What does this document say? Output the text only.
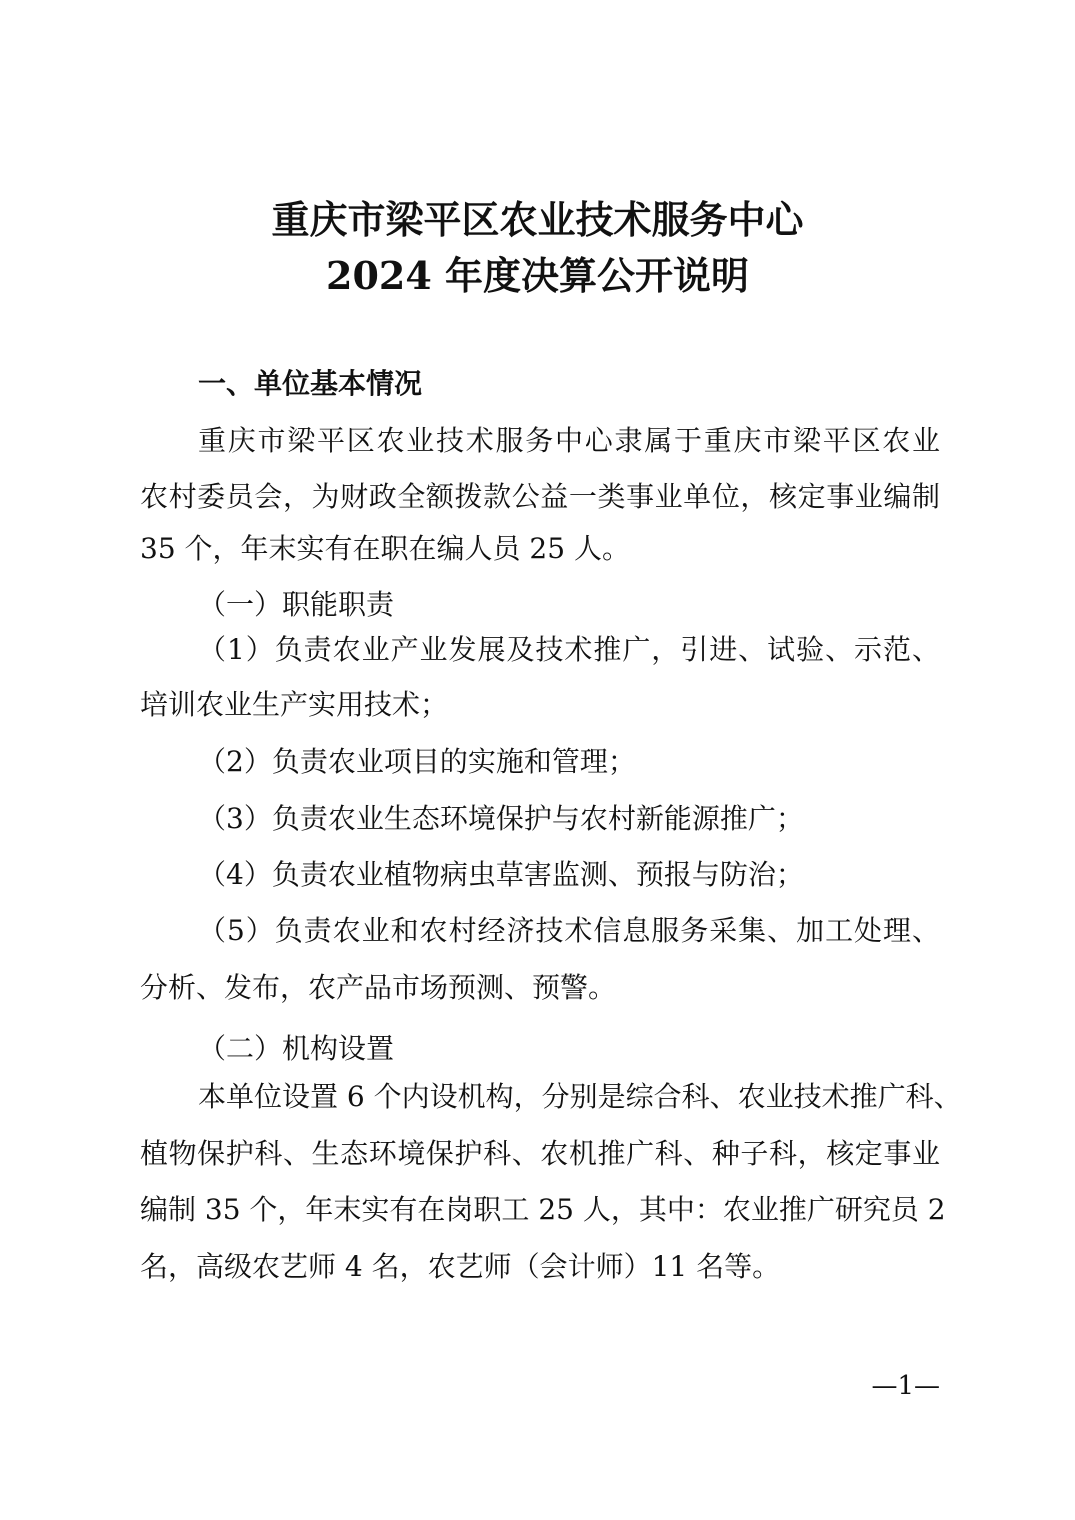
重庆市梁平区农业技术服务中心
2024 年度决算公开说明
一、单位基本情况
重庆市梁平区农业技术服务中心隶属于重庆市梁平区农业
农村委员会，为财政全额拨款公益一类事业单位，核定事业编制
35 个，年末实有在职在编人员 25 人。
（一）职能职责
（1）负责农业产业发展及技术推广，引进、试验、示范、
培训农业生产实用技术；
（2）负责农业项目的实施和管理；
（3）负责农业生态环境保护与农村新能源推广；
（4）负责农业植物病虫草害监测、预报与防治；
（5）负责农业和农村经济技术信息服务采集、加工处理、
分析、发布，农产品市场预测、预警。
（二）机构设置
本单位设置 6 个内设机构，分别是综合科、农业技术推广科、
植物保护科、生态环境保护科、农机推广科、种子科，核定事业
编制 35 个，年末实有在岗职工 25 人，其中：农业推广研究员 2
名，高级农艺师 4 名，农艺师（会计师）11 名等。
—1—
